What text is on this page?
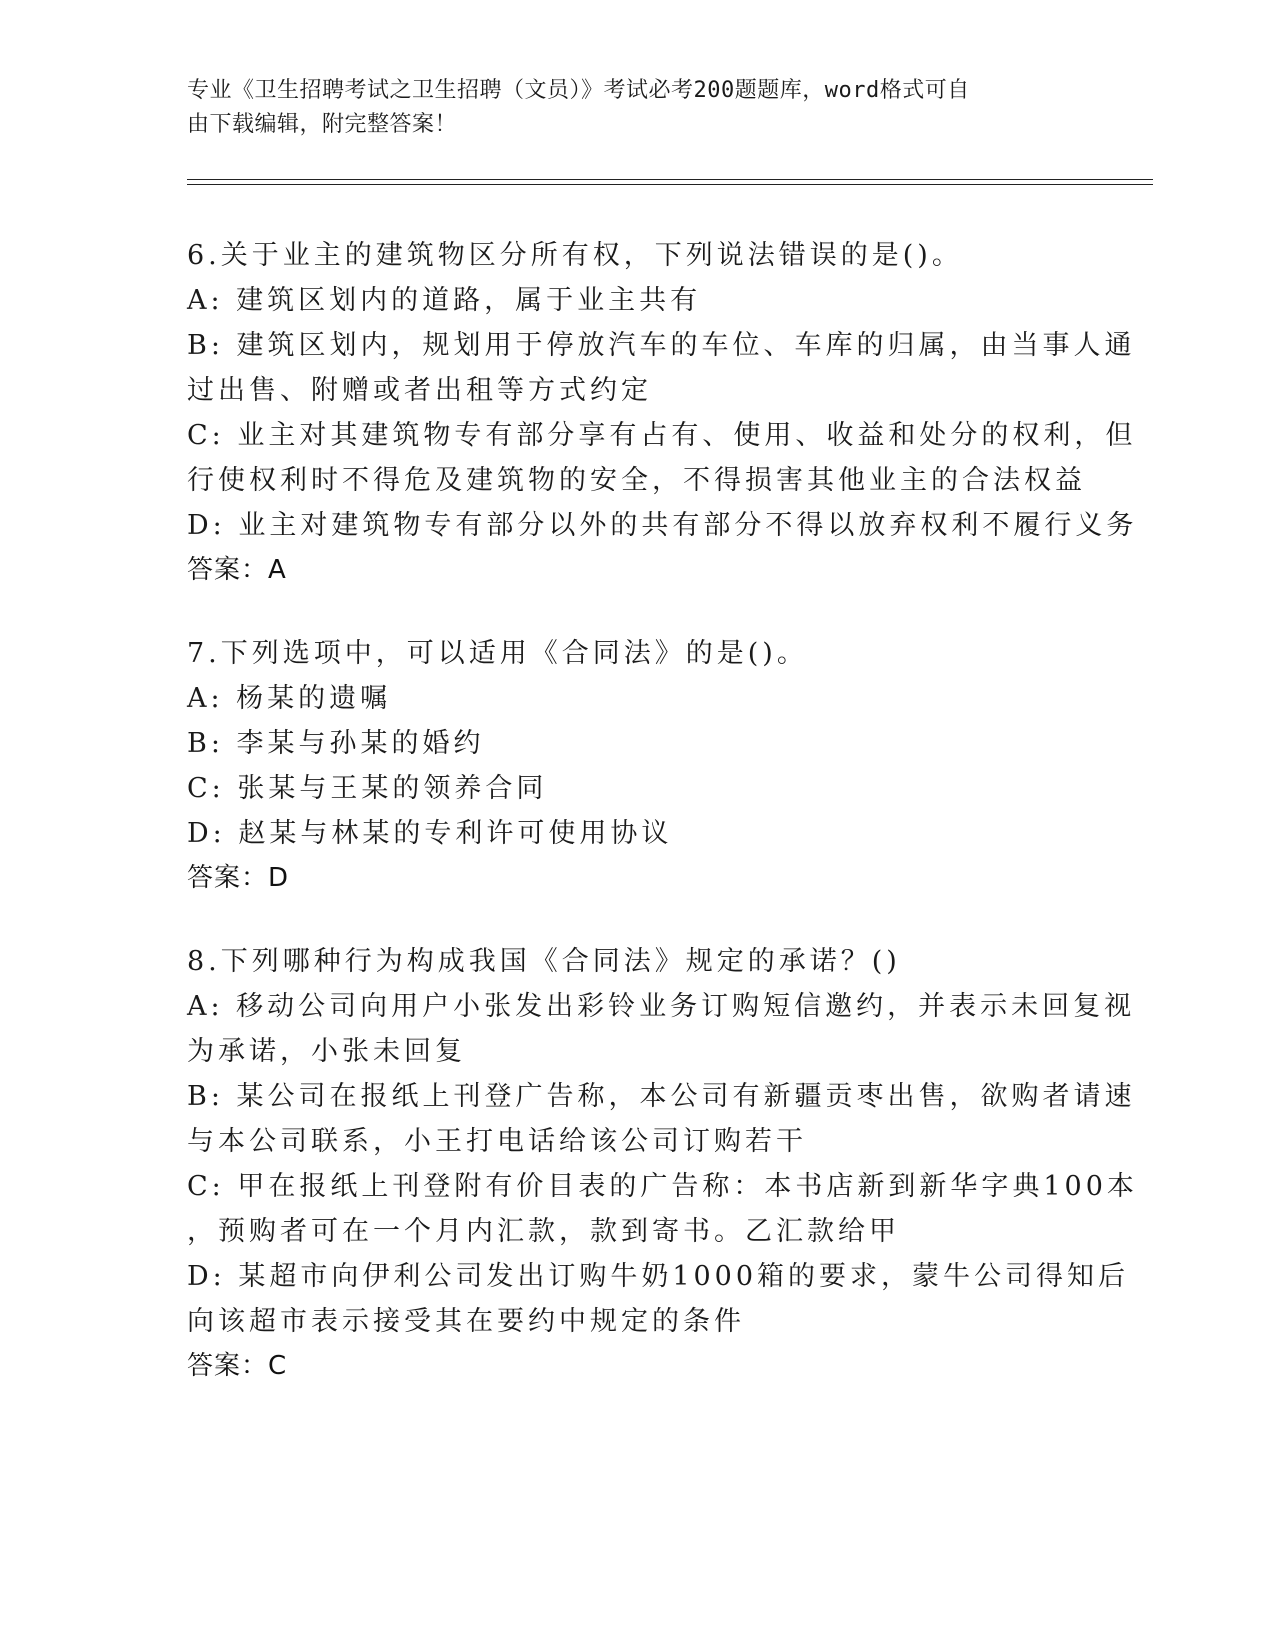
专业《卫生招聘考试之卫生招聘（文员）》考试必考200题题库，word格式可自
由下载编辑，附完整答案！
6.关于业主的建筑物区分所有权，下列说法错误的是()。
A: 建筑区划内的道路，属于业主共有
B: 建筑区划内，规划用于停放汽车的车位、车库的归属，由当事人通
过出售、附赠或者出租等方式约定
C: 业主对其建筑物专有部分享有占有、使用、收益和处分的权利，但
行使权利时不得危及建筑物的安全，不得损害其他业主的合法权益
D: 业主对建筑物专有部分以外的共有部分不得以放弃权利不履行义务
答案：A
7.下列选项中，可以适用《合同法》的是()。
A: 杨某的遗嘱
B: 李某与孙某的婚约
C: 张某与王某的领养合同
D: 赵某与林某的专利许可使用协议
答案：D
8.下列哪种行为构成我国《合同法》规定的承诺？()
A: 移动公司向用户小张发出彩铃业务订购短信邀约，并表示未回复视
为承诺，小张未回复
B: 某公司在报纸上刊登广告称，本公司有新疆贡枣出售，欲购者请速
与本公司联系，小王打电话给该公司订购若干
C: 甲在报纸上刊登附有价目表的广告称：本书店新到新华字典100本
，预购者可在一个月内汇款，款到寄书。乙汇款给甲
D: 某超市向伊利公司发出订购牛奶1000箱的要求，蒙牛公司得知后
向该超市表示接受其在要约中规定的条件
答案：C
